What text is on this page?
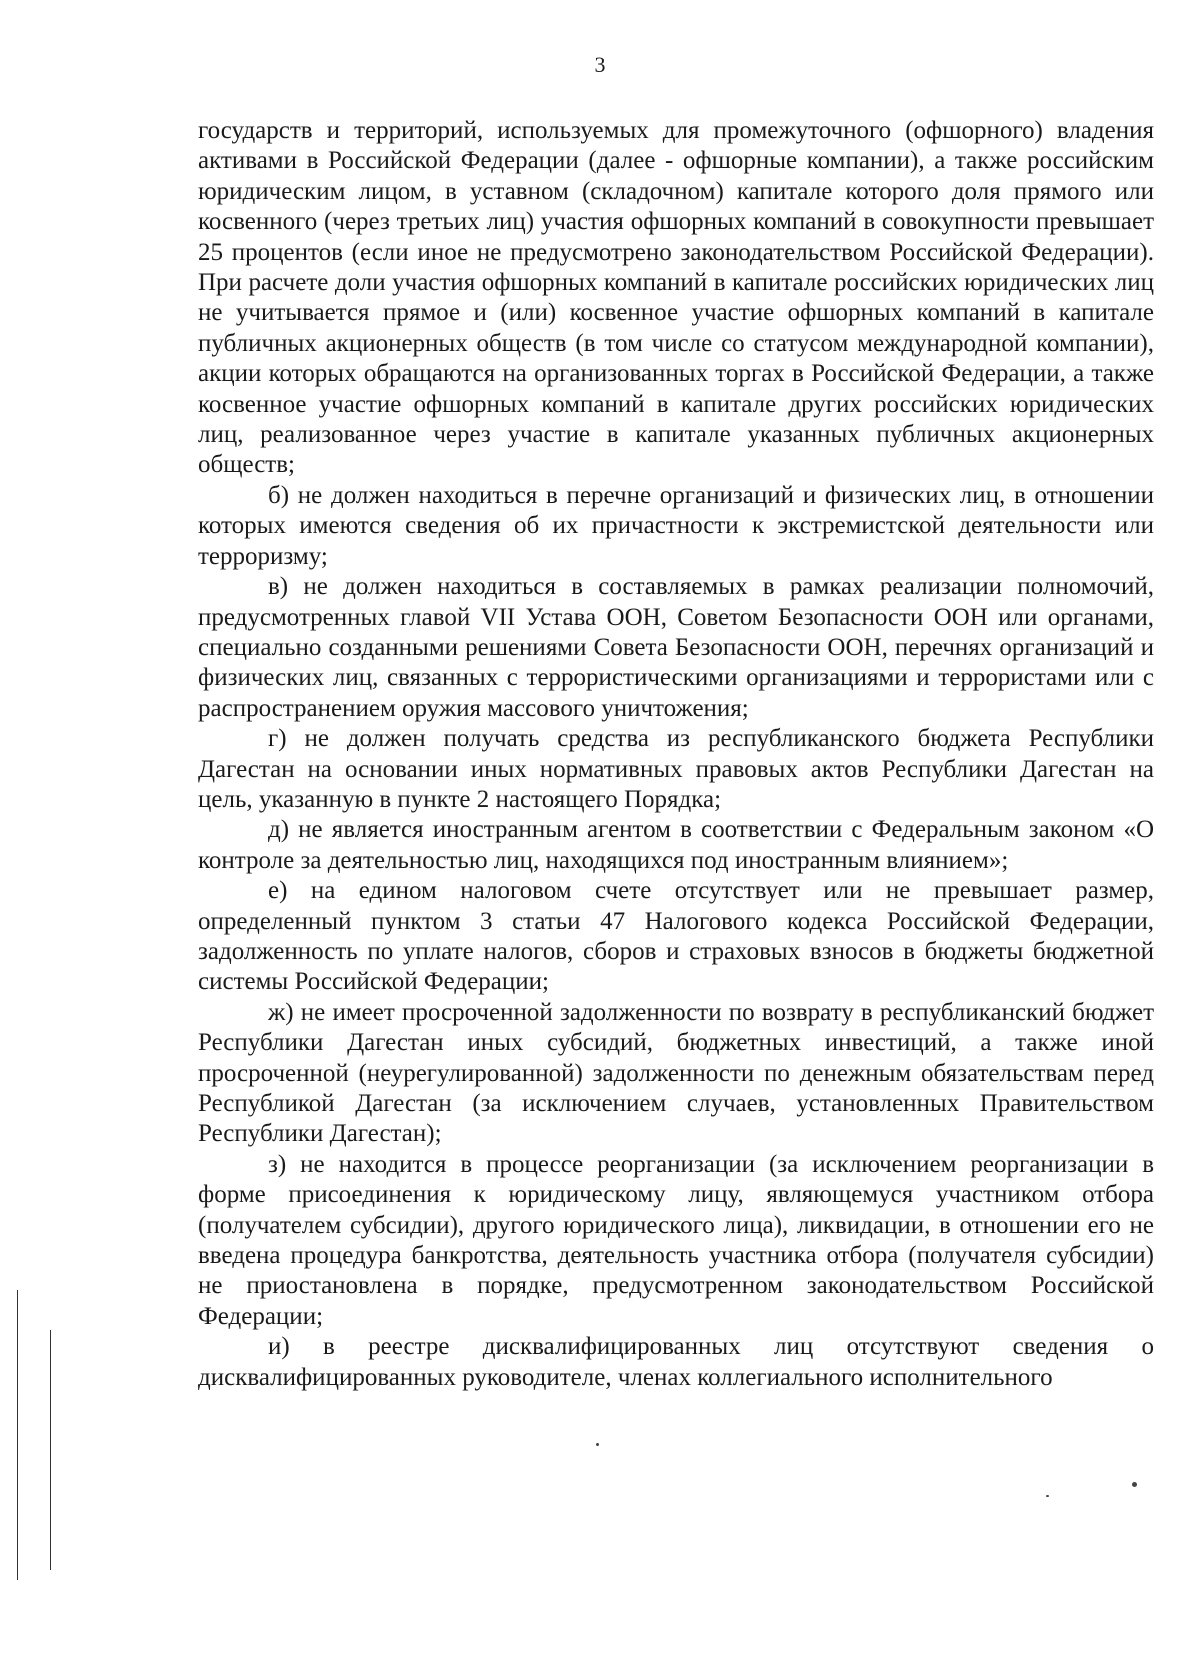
3

государств и территорий, используемых для промежуточного (офшорного) владения активами в Российской Федерации (далее - офшорные компании), а также российским юридическим лицом, в уставном (складочном) капитале которого доля прямого или косвенного (через третьих лиц) участия офшорных компаний в совокупности превышает 25 процентов (если иное не предусмотрено законодательством Российской Федерации). При расчете доли участия офшорных компаний в капитале российских юридических лиц не учитывается прямое и (или) косвенное участие офшорных компаний в капитале публичных акционерных обществ (в том числе со статусом международной компании), акции которых обращаются на организованных торгах в Российской Федерации, а также косвенное участие офшорных компаний в капитале других российских юридических лиц, реализованное через участие в капитале указанных публичных акционерных обществ;

б) не должен находиться в перечне организаций и физических лиц, в отношении которых имеются сведения об их причастности к экстремистской деятельности или терроризму;

в) не должен находиться в составляемых в рамках реализации полномочий, предусмотренных главой VII Устава ООН, Советом Безопасности ООН или органами, специально созданными решениями Совета Безопасности ООН, перечнях организаций и физических лиц, связанных с террористическими организациями и террористами или с распространением оружия массового уничтожения;

г) не должен получать средства из республиканского бюджета Республики Дагестан на основании иных нормативных правовых актов Республики Дагестан на цель, указанную в пункте 2 настоящего Порядка;

д) не является иностранным агентом в соответствии с Федеральным законом «О контроле за деятельностью лиц, находящихся под иностранным влиянием»;

е) на едином налоговом счете отсутствует или не превышает размер, определенный пунктом 3 статьи 47 Налогового кодекса Российской Федерации, задолженность по уплате налогов, сборов и страховых взносов в бюджеты бюджетной системы Российской Федерации;

ж) не имеет просроченной задолженности по возврату в республиканский бюджет Республики Дагестан иных субсидий, бюджетных инвестиций, а также иной просроченной (неурегулированной) задолженности по денежным обязательствам перед Республикой Дагестан (за исключением случаев, установленных Правительством Республики Дагестан);

з) не находится в процессе реорганизации (за исключением реорганизации в форме присоединения к юридическому лицу, являющемуся участником отбора (получателем субсидии), другого юридического лица), ликвидации, в отношении его не введена процедура банкротства, деятельность участника отбора (получателя субсидии) не приостановлена в порядке, предусмотренном законодательством Российской Федерации;

и) в реестре дисквалифицированных лиц отсутствуют сведения о дисквалифицированных руководителе, членах коллегиального исполнительного
